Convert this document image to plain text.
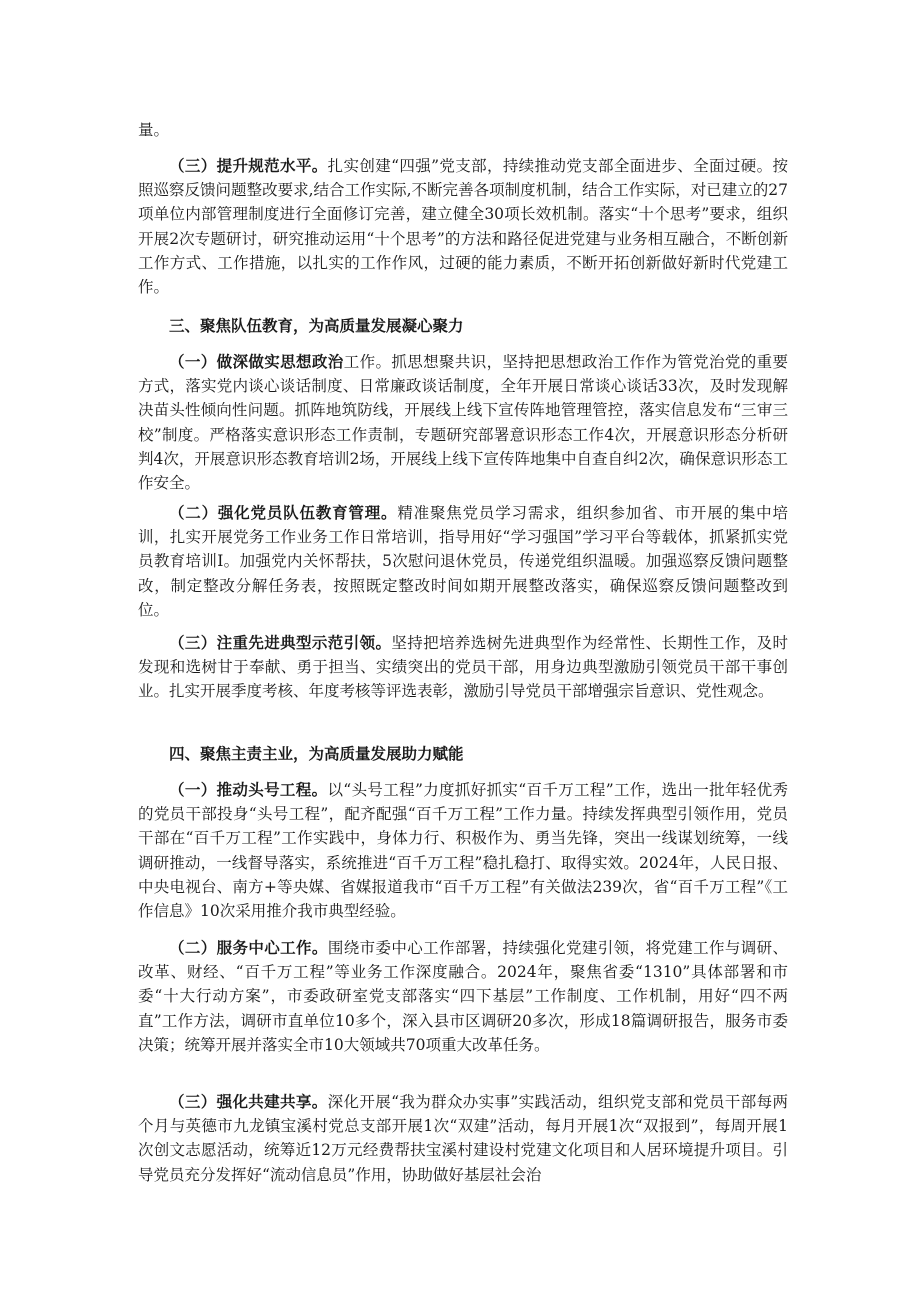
量。

（三）提升规范水平。扎实创建“四强”党支部，持续推动党支部全面进步、全面过硬。按照巡察反馈问题整改要求,结合工作实际,不断完善各项制度机制，结合工作实际，对已建立的27项单位内部管理制度进行全面修订完善，建立健全30项长效机制。落实“十个思考”要求，组织开展2次专题研讨，研究推动运用“十个思考”的方法和路径促进党建与业务相互融合，不断创新工作方式、工作措施，以扎实的工作作风，过硬的能力素质，不断开拓创新做好新时代党建工作。

三、聚焦队伍教育，为高质量发展凝心聚力

（一）做深做实思想政治工作。抓思想聚共识，坚持把思想政治工作作为管党治党的重要方式，落实党内谈心谈话制度、日常廉政谈话制度，全年开展日常谈心谈话33次，及时发现解决苗头性倾向性问题。抓阵地筑防线，开展线上线下宣传阵地管理管控，落实信息发布“三审三校”制度。严格落实意识形态工作责制，专题研究部署意识形态工作4次，开展意识形态分析研判4次，开展意识形态教育培训2场，开展线上线下宣传阵地集中自查自纠2次，确保意识形态工作安全。

（二）强化党员队伍教育管理。精准聚焦党员学习需求，组织参加省、市开展的集中培训，扎实开展党务工作业务工作日常培训，指导用好“学习强国”学习平台等载体，抓紧抓实党员教育培训I。加强党内关怀帮扶，5次慰问退休党员，传递党组织温暖。加强巡察反馈问题整改，制定整改分解任务表，按照既定整改时间如期开展整改落实，确保巡察反馈问题整改到位。

（三）注重先进典型示范引领。坚持把培养选树先进典型作为经常性、长期性工作，及时发现和选树甘于奉献、勇于担当、实绩突出的党员干部，用身边典型激励引领党员干部干事创业。扎实开展季度考核、年度考核等评选表彰，激励引导党员干部增强宗旨意识、党性观念。

四、聚焦主责主业，为高质量发展助力赋能

（一）推动头号工程。以“头号工程”力度抓好抓实“百千万工程”工作，选出一批年轻优秀的党员干部投身“头号工程”，配齐配强“百千万工程”工作力量。持续发挥典型引领作用，党员干部在“百千万工程”工作实践中，身体力行、积极作为、勇当先锋，突出一线谋划统筹，一线调研推动，一线督导落实，系统推进“百千万工程”稳扎稳打、取得实效。2024年，人民日报、中央电视台、南方+等央媒、省媒报道我市“百千万工程”有关做法239次，省“百千万工程”《工作信息》10次采用推介我市典型经验。

（二）服务中心工作。围绕市委中心工作部署，持续强化党建引领，将党建工作与调研、改革、财经、“百千万工程”等业务工作深度融合。2024年，聚焦省委“1310”具体部署和市委“十大行动方案”，市委政研室党支部落实“四下基层”工作制度、工作机制，用好“四不两直”工作方法，调研市直单位10多个，深入县市区调研20多次，形成18篇调研报告，服务市委决策；统筹开展并落实全市10大领域共70项重大改革任务。

（三）强化共建共享。深化开展“我为群众办实事”实践活动，组织党支部和党员干部每两个月与英德市九龙镇宝溪村党总支部开展1次“双建”活动，每月开展1次“双报到”，每周开展1次创文志愿活动，统筹近12万元经费帮扶宝溪村建设村党建文化项目和人居环境提升项目。引导党员充分发挥好“流动信息员”作用，协助做好基层社会治
